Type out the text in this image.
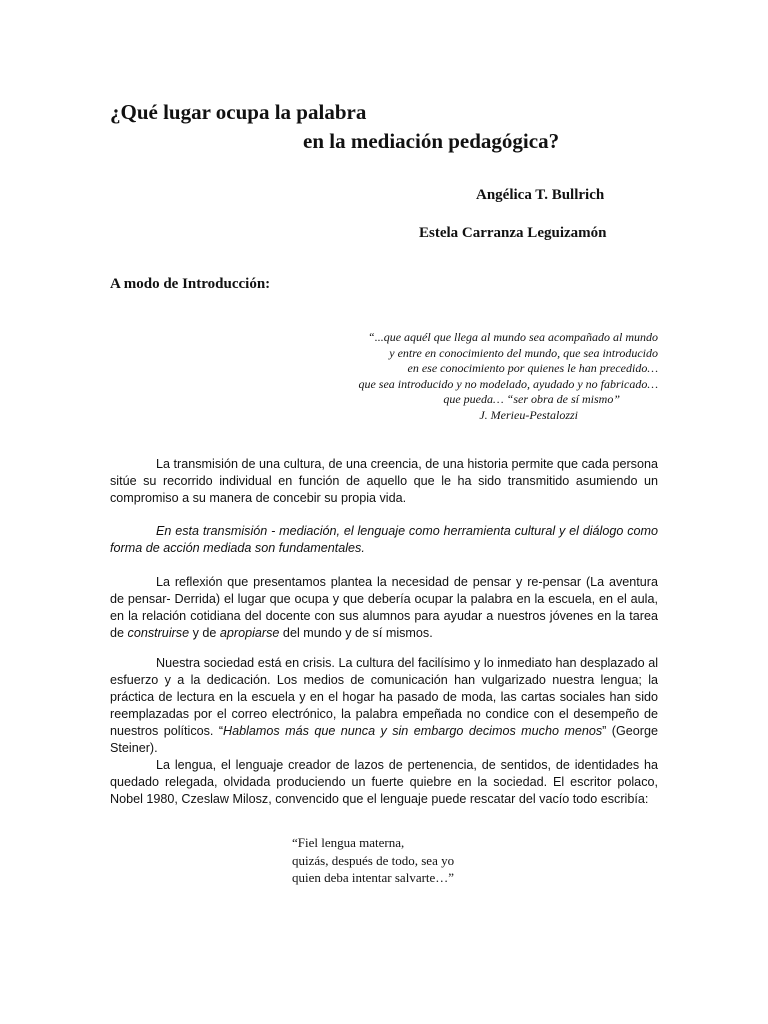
¿Qué lugar ocupa la palabra
en la mediación pedagógica?
Angélica T. Bullrich
Estela Carranza Leguizamón
A modo de Introducción:
“...que aquél que llega al mundo sea acompañado al mundo
y entre en conocimiento del mundo, que sea introducido
en ese conocimiento por quienes le han precedido…
que sea introducido y no modelado, ayudado y no fabricado…
que pueda… “ser obra de sí mismo”
J. Merieu-Pestalozzi

La transmisión de una cultura, de una creencia, de una historia permite que cada persona sitúe su recorrido individual en función de aquello que le ha sido transmitido asumiendo un compromiso a su manera de concebir su propia vida.

En esta transmisión - mediación, el lenguaje como herramienta cultural y el diálogo como forma de acción mediada son fundamentales.

La reflexión que presentamos plantea la necesidad de pensar y re-pensar (La aventura de pensar- Derrida) el lugar que ocupa y que debería ocupar la palabra en la escuela, en el aula, en la relación cotidiana del docente con sus alumnos para ayudar a nuestros jóvenes en la tarea de construirse y de apropiarse del mundo y de sí mismos.

Nuestra sociedad está en crisis. La cultura del facilísimo y lo inmediato han desplazado al esfuerzo y a la dedicación. Los medios de comunicación han vulgarizado nuestra lengua; la práctica de lectura en la escuela y en el hogar ha pasado de moda, las cartas sociales han sido reemplazadas por el correo electrónico, la palabra empeñada no condice con el desempeño de nuestros políticos. “Hablamos más que nunca y sin embargo decimos mucho menos” (George Steiner).

La lengua, el lenguaje creador de lazos de pertenencia, de sentidos, de identidades ha quedado relegada, olvidada produciendo un fuerte quiebre en la sociedad. El escritor polaco, Nobel 1980, Czeslaw Milosz, convencido que el lenguaje puede rescatar del vacío todo escribía:

“Fiel lengua materna,
quizás, después de todo, sea yo
quien deba intentar salvarte…”
